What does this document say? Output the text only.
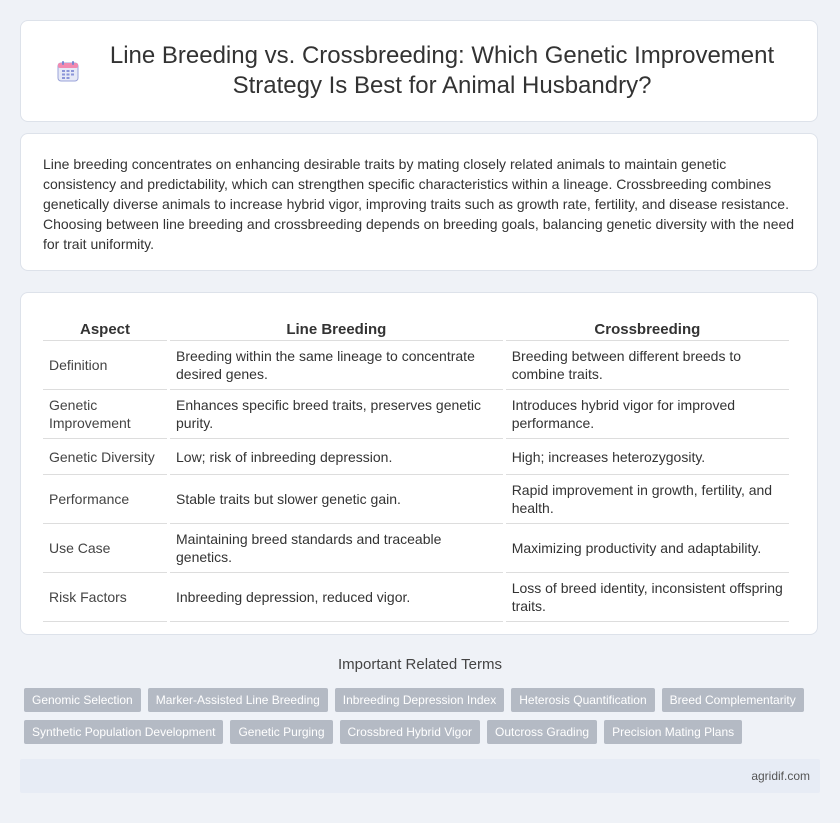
Line Breeding vs. Crossbreeding: Which Genetic Improvement Strategy Is Best for Animal Husbandry?

Line breeding concentrates on enhancing desirable traits by mating closely related animals to maintain genetic consistency and predictability, which can strengthen specific characteristics within a lineage. Crossbreeding combines genetically diverse animals to increase hybrid vigor, improving traits such as growth rate, fertility, and disease resistance. Choosing between line breeding and crossbreeding depends on breeding goals, balancing genetic diversity with the need for trait uniformity.

Aspect	Line Breeding	Crossbreeding
Definition	Breeding within the same lineage to concentrate desired genes.	Breeding between different breeds to combine traits.
Genetic Improvement	Enhances specific breed traits, preserves genetic purity.	Introduces hybrid vigor for improved performance.
Genetic Diversity	Low; risk of inbreeding depression.	High; increases heterozygosity.
Performance	Stable traits but slower genetic gain.	Rapid improvement in growth, fertility, and health.
Use Case	Maintaining breed standards and traceable genetics.	Maximizing productivity and adaptability.
Risk Factors	Inbreeding depression, reduced vigor.	Loss of breed identity, inconsistent offspring traits.
Important Related Terms
Genomic Selection Marker-Assisted Line Breeding Inbreeding Depression Index Heterosis Quantification Breed Complementarity
Synthetic Population Development Genetic Purging Crossbred Hybrid Vigor Outcross Grading Precision Mating Plans
agridif.com
